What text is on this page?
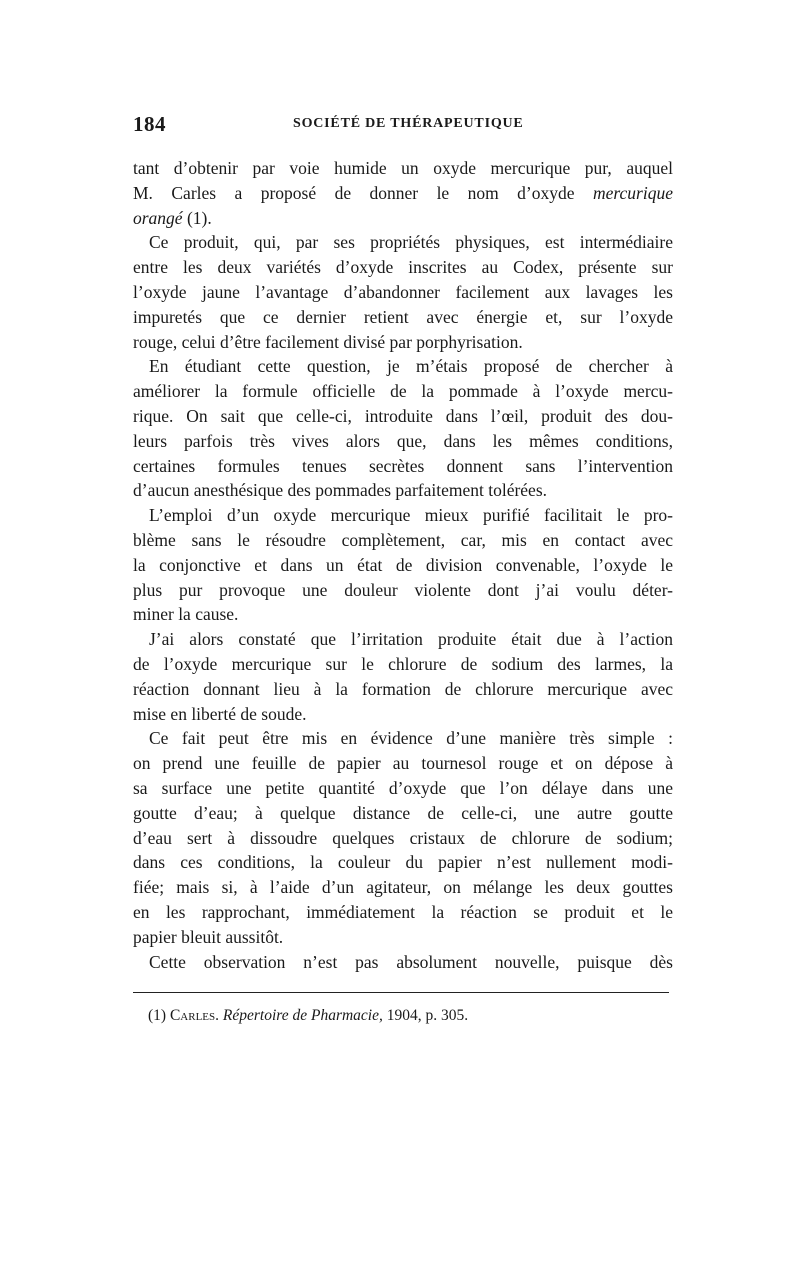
184	SOCIÉTÉ DE THÉRAPEUTIQUE
tant d’obtenir par voie humide un oxyde mercurique pur, auquel
M. Carles a proposé de donner le nom d’oxyde mercurique
orangé (1).
Ce produit, qui, par ses propriétés physiques, est intermédiaire
entre les deux variétés d’oxyde inscrites au Codex, présente sur
l’oxyde jaune l’avantage d’abandonner facilement aux lavages les
impuretés que ce dernier retient avec énergie et, sur l’oxyde
rouge, celui d’être facilement divisé par porphyrisation.
En étudiant cette question, je m’étais proposé de chercher à
améliorer la formule officielle de la pommade à l’oxyde mercu-
rique. On sait que celle-ci, introduite dans l’œil, produit des dou-
leurs parfois très vives alors que, dans les mêmes conditions,
certaines formules tenues secrètes donnent sans l’intervention
d’aucun anesthésique des pommades parfaitement tolérées.
L’emploi d’un oxyde mercurique mieux purifié facilitait le pro-
blème sans le résoudre complètement, car, mis en contact avec
la conjonctive et dans un état de division convenable, l’oxyde le
plus pur provoque une douleur violente dont j’ai voulu déter-
miner la cause.
J’ai alors constaté que l’irritation produite était due à l’action
de l’oxyde mercurique sur le chlorure de sodium des larmes, la
réaction donnant lieu à la formation de chlorure mercurique avec
mise en liberté de soude.
Ce fait peut être mis en évidence d’une manière très simple :
on prend une feuille de papier au tournesol rouge et on dépose à
sa surface une petite quantité d’oxyde que l’on délaye dans une
goutte d’eau; à quelque distance de celle-ci, une autre goutte
d’eau sert à dissoudre quelques cristaux de chlorure de sodium;
dans ces conditions, la couleur du papier n’est nullement modi-
fiée; mais si, à l’aide d’un agitateur, on mélange les deux gouttes
en les rapprochant, immédiatement la réaction se produit et le
papier bleuit aussitôt.
Cette observation n’est pas absolument nouvelle, puisque dès
(1) Carles. Répertoire de Pharmacie, 1904, p. 305.
